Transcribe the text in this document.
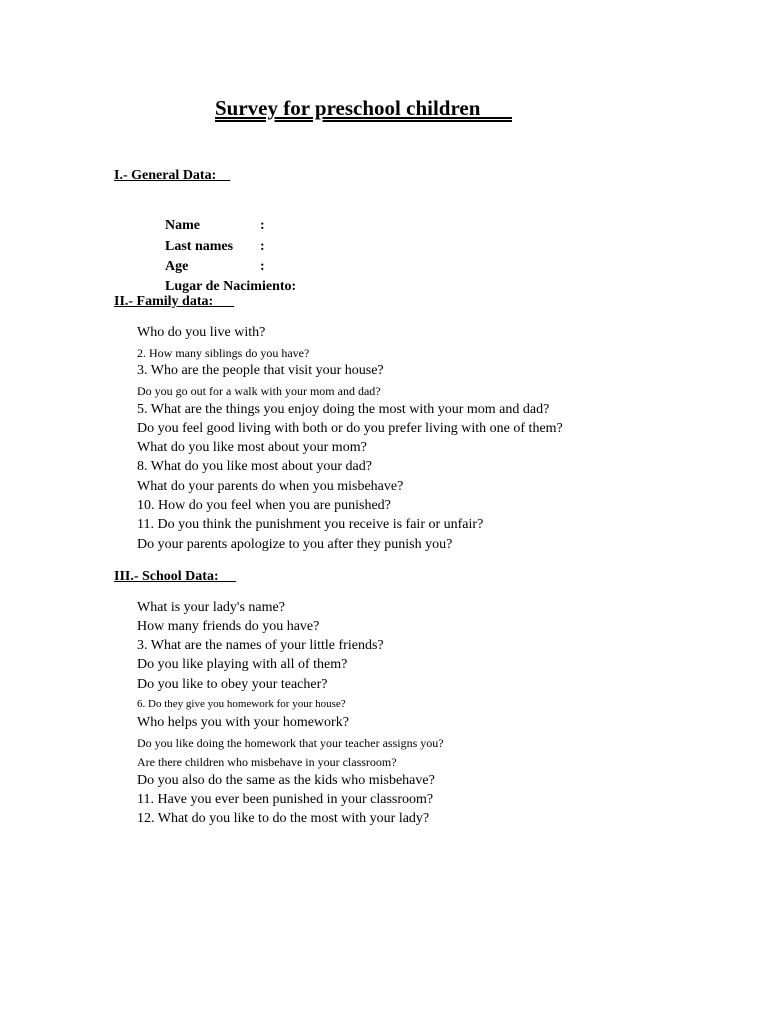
Survey for preschool children
I.- General Data:

Name	:

Last names :

Age	:

Lugar de Nacimiento:

II.- Family data:
Who do you live with?
2. How many siblings do you have?
3. Who are the people that visit your house?
Do you go out for a walk with your mom and dad?
5. What are the things you enjoy doing the most with your mom and dad?
Do you feel good living with both or do you prefer living with one of them?
What do you like most about your mom?
8. What do you like most about your dad?
What do your parents do when you misbehave?
10. How do you feel when you are punished?
11. Do you think the punishment you receive is fair or unfair?
Do your parents apologize to you after they punish you?
III.- School Data:
What is your lady's name?
How many friends do you have?
3. What are the names of your little friends?
Do you like playing with all of them?
Do you like to obey your teacher?
6. Do they give you homework for your house?
Who helps you with your homework?
Do you like doing the homework that your teacher assigns you?
Are there children who misbehave in your classroom?
Do you also do the same as the kids who misbehave?
11. Have you ever been punished in your classroom?
12. What do you like to do the most with your lady?
